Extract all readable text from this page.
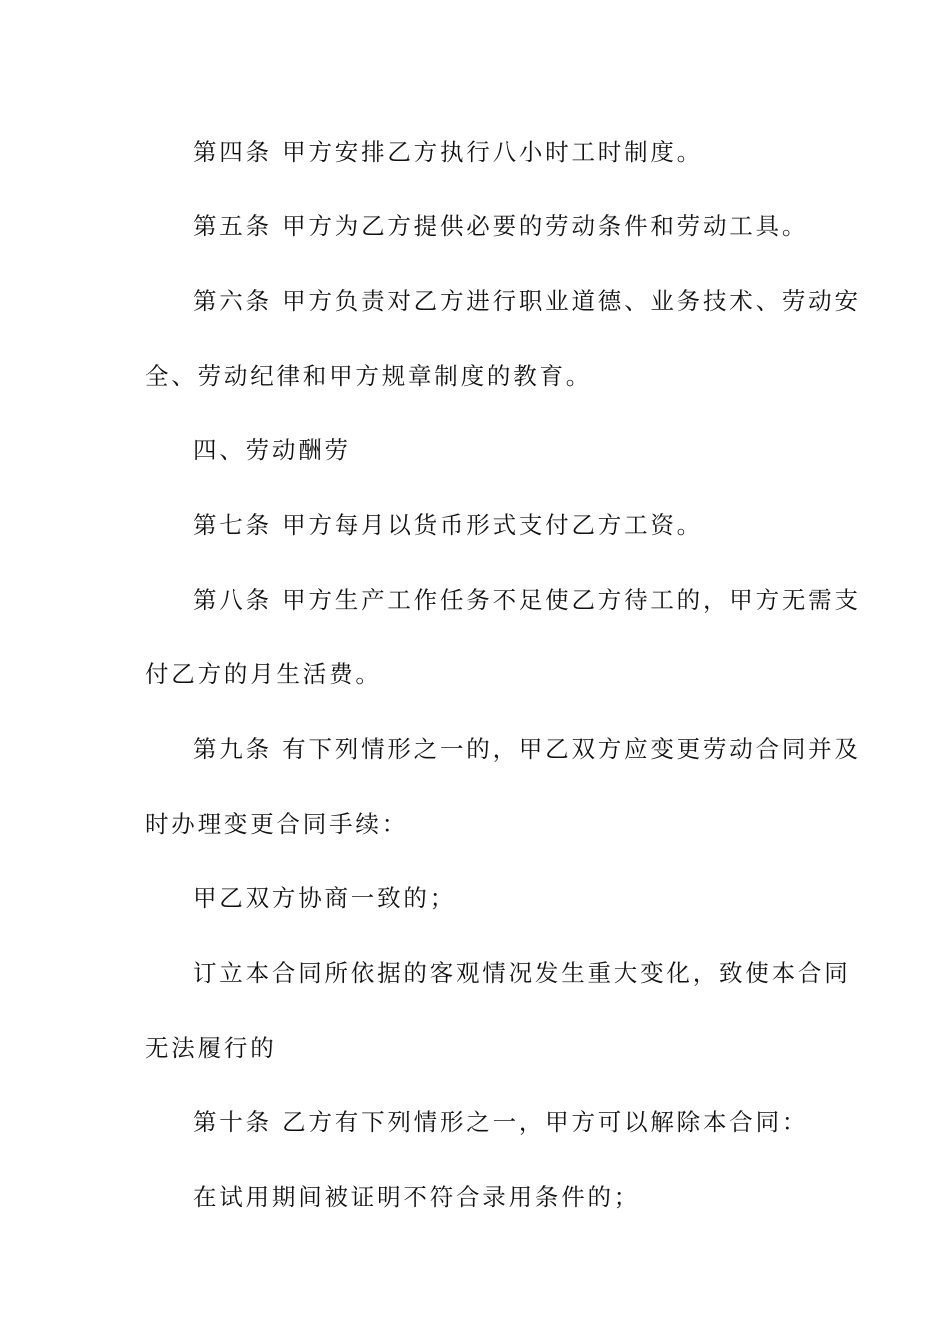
第四条 甲方安排乙方执行八小时工时制度。
第五条 甲方为乙方提供必要的劳动条件和劳动工具。
第六条 甲方负责对乙方进行职业道德、业务技术、劳动安
全、劳动纪律和甲方规章制度的教育。
四、劳动酬劳
第七条 甲方每月以货币形式支付乙方工资。
第八条 甲方生产工作任务不足使乙方待工的，甲方无需支
付乙方的月生活费。
第九条 有下列情形之一的，甲乙双方应变更劳动合同并及
时办理变更合同手续：
甲乙双方协商一致的；
订立本合同所依据的客观情况发生重大变化，致使本合同
无法履行的
第十条 乙方有下列情形之一，甲方可以解除本合同：
在试用期间被证明不符合录用条件的；
